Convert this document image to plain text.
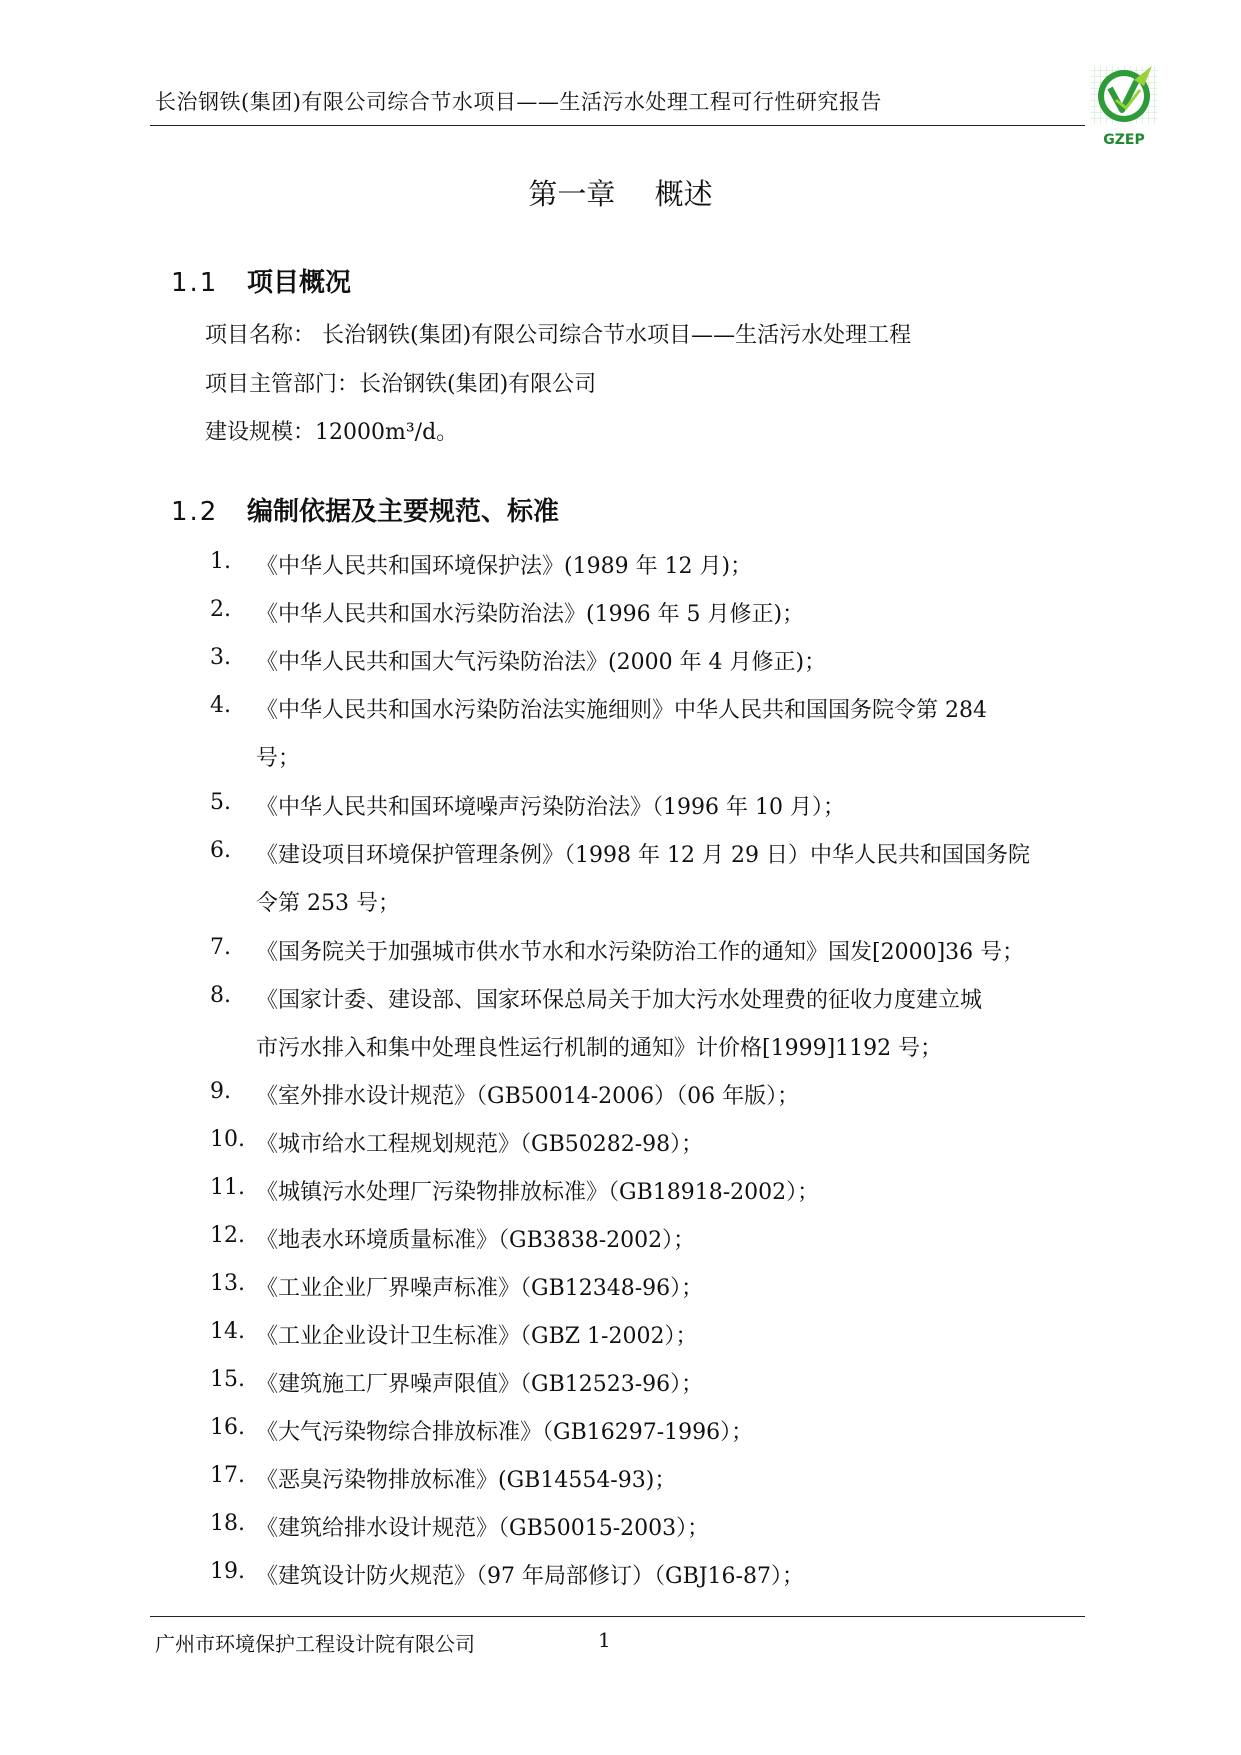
长治钢铁(集团)有限公司综合节水项目——生活污水处理工程可行性研究报告
GZEP
第一章 概述
1.1 项目概况
项目名称： 长治钢铁(集团)有限公司综合节水项目——生活污水处理工程
项目主管部门：长治钢铁(集团)有限公司
建设规模：12000m³/d。
1.2 编制依据及主要规范、标准
1. 《中华人民共和国环境保护法》(1989 年 12 月)；
2. 《中华人民共和国水污染防治法》(1996 年 5 月修正)；
3. 《中华人民共和国大气污染防治法》(2000 年 4 月修正)；
4. 《中华人民共和国水污染防治法实施细则》中华人民共和国国务院令第 284
号；
5. 《中华人民共和国环境噪声污染防治法》（1996 年 10 月）；
6. 《建设项目环境保护管理条例》（1998 年 12 月 29 日）中华人民共和国国务院
令第 253 号；
7. 《国务院关于加强城市供水节水和水污染防治工作的通知》国发[2000]36 号；
8. 《国家计委、建设部、国家环保总局关于加大污水处理费的征收力度建立城
市污水排入和集中处理良性运行机制的通知》计价格[1999]1192 号；
9. 《室外排水设计规范》（GB50014-2006）（06 年版）；
10. 《城市给水工程规划规范》（GB50282-98）；
11. 《城镇污水处理厂污染物排放标准》（GB18918-2002）；
12. 《地表水环境质量标准》（GB3838-2002）；
13. 《工业企业厂界噪声标准》（GB12348-96）；
14. 《工业企业设计卫生标准》（GBZ 1-2002）；
15. 《建筑施工厂界噪声限值》（GB12523-96）；
16. 《大气污染物综合排放标准》（GB16297-1996）；
17. 《恶臭污染物排放标准》(GB14554-93)；
18. 《建筑给排水设计规范》（GB50015-2003）；
19. 《建筑设计防火规范》（97 年局部修订）（GBJ16-87）；
广州市环境保护工程设计院有限公司	1
